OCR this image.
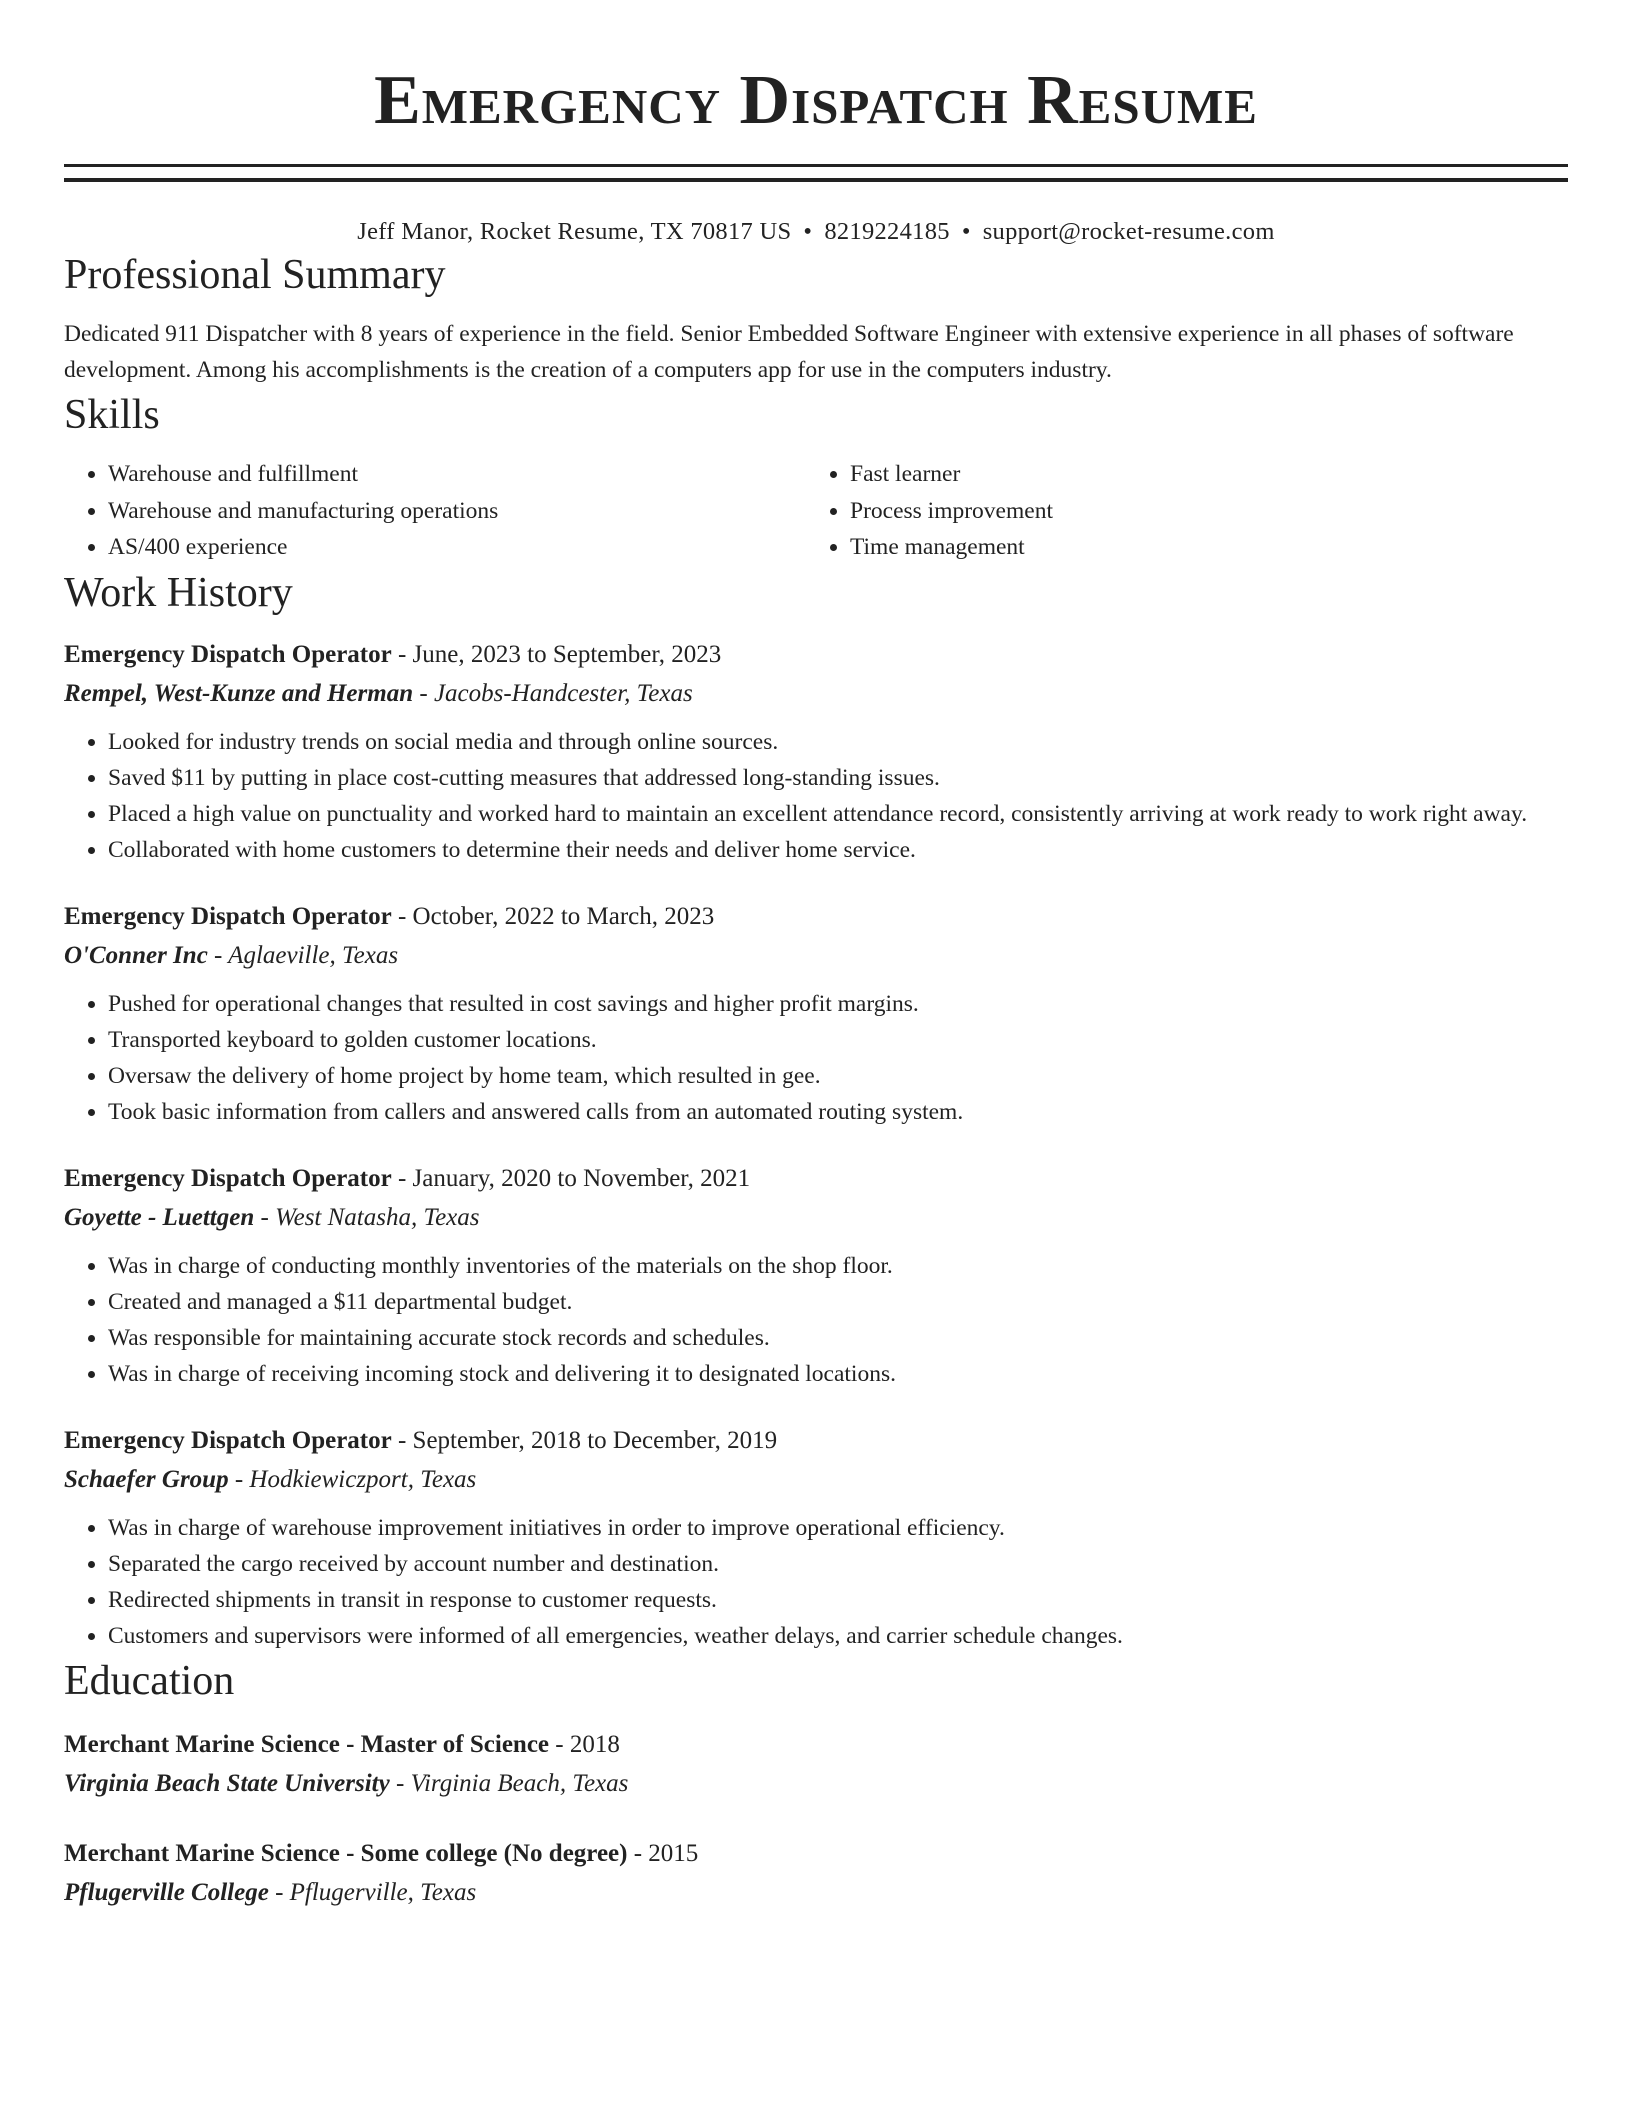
Emergency Dispatch Resume
Jeff Manor, Rocket Resume, TX 70817 US • 8219224185 • support@rocket-resume.com
Professional Summary

Dedicated 911 Dispatcher with 8 years of experience in the field. Senior Embedded Software Engineer with extensive experience in all phases of software development. Among his accomplishments is the creation of a computers app for use in the computers industry.

Skills
• Warehouse and fulfillment
• Warehouse and manufacturing operations
• AS/400 experience
• Fast learner
• Process improvement
• Time management
Work History
Emergency Dispatch Operator - June, 2023 to September, 2023
Rempel, West-Kunze and Herman - Jacobs-Handcester, Texas
• Looked for industry trends on social media and through online sources.
• Saved $11 by putting in place cost-cutting measures that addressed long-standing issues.
• Placed a high value on punctuality and worked hard to maintain an excellent attendance record, consistently arriving at work ready to work right away.
• Collaborated with home customers to determine their needs and deliver home service.
Emergency Dispatch Operator - October, 2022 to March, 2023
O'Conner Inc - Aglaeville, Texas
• Pushed for operational changes that resulted in cost savings and higher profit margins.
• Transported keyboard to golden customer locations.
• Oversaw the delivery of home project by home team, which resulted in gee.
• Took basic information from callers and answered calls from an automated routing system.
Emergency Dispatch Operator - January, 2020 to November, 2021
Goyette - Luettgen - West Natasha, Texas
• Was in charge of conducting monthly inventories of the materials on the shop floor.
• Created and managed a $11 departmental budget.
• Was responsible for maintaining accurate stock records and schedules.
• Was in charge of receiving incoming stock and delivering it to designated locations.
Emergency Dispatch Operator - September, 2018 to December, 2019
Schaefer Group - Hodkiewiczport, Texas
• Was in charge of warehouse improvement initiatives in order to improve operational efficiency.
• Separated the cargo received by account number and destination.
• Redirected shipments in transit in response to customer requests.
• Customers and supervisors were informed of all emergencies, weather delays, and carrier schedule changes.
Education
Merchant Marine Science - Master of Science - 2018
Virginia Beach State University - Virginia Beach, Texas
Merchant Marine Science - Some college (No degree) - 2015
Pflugerville College - Pflugerville, Texas
